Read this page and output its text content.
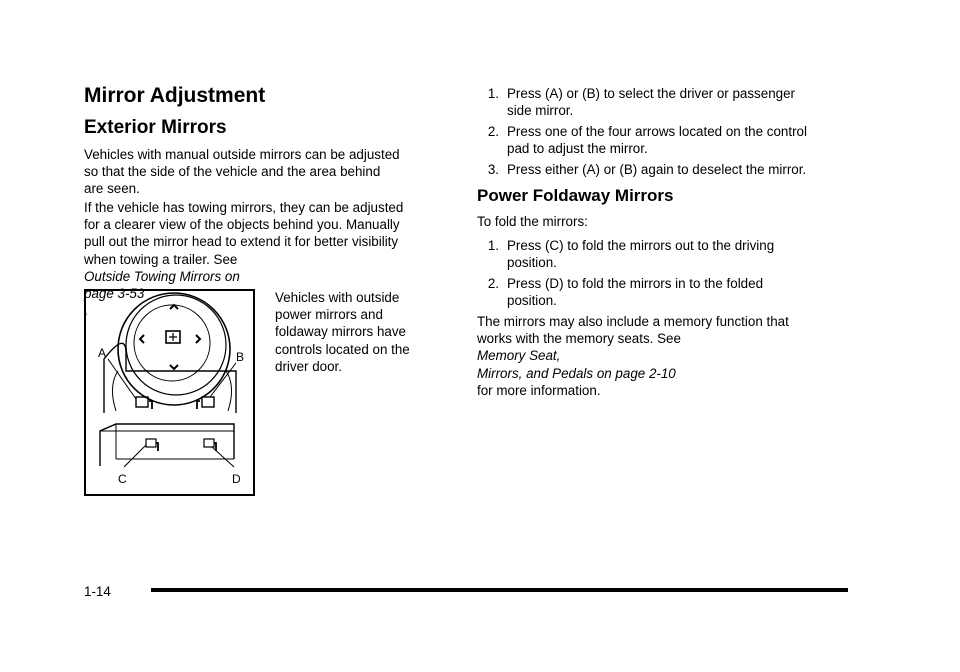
Mirror Adjustment
Exterior Mirrors

Vehicles with manual outside mirrors can be adjusted
so that the side of the vehicle and the area behind
are seen.

If the vehicle has towing mirrors, they can be adjusted
for a clearer view of the objects behind you. Manually
pull out the mirror head to extend it for better visibility
when towing a trailer. See
Outside Towing Mirrors on
page 3-53
.

A	B
C	D

Vehicles with outside
power mirrors and
foldaway mirrors have
controls located on the
driver door.

1. Press (A) or (B) to select the driver or passenger
side mirror.
2. Press one of the four arrows located on the control
pad to adjust the mirror.
3. Press either (A) or (B) again to deselect the mirror.
Power Foldaway Mirrors

To fold the mirrors:

1. Press (C) to fold the mirrors out to the driving
position.
2. Press (D) to fold the mirrors in to the folded
position.

The mirrors may also include a memory function that
works with the memory seats. See
Memory Seat,
Mirrors, and Pedals on page 2-10
for more information.

1-14
